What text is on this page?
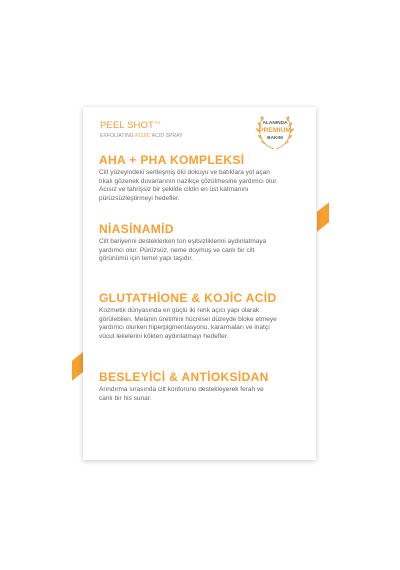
PEEL $SHOT^{PS}$
EXFOLIATING KOJIC ACID SPRAY
ALANINDA
PREMIUM
BAKIM
AHA + PHA KOMPLEKSİ
Cilt yüzeyindeki sertleşmiş ölü dokuyu ve batıklara yol açan tıkalı gözenek duvarlarının nazikçe çözülmesine yardımcı olur. Acısız ve tahrişsiz bir şekilde cildin en üst katmanını pürüzsüzleştirmeyi hedefler.
NİASİNAMİD
Cilt bariyerini desteklerken ton eşitsizliklerini aydınlatmaya yardımcı olur. Pürüzsüz, neme doymuş ve canlı bir cilt görünümü için temel yapı taşıdır.
GLUTATHİONE & KOJİC ACİD
Kozmetik dünyasında en güçlü iki renk açıcı yapı olarak görülebilen. Melanin üretimini hücresel düzeyde bloke etmeye yardımcı olurken hiperpigmentasyonu, kararmaları ve inatçı vücut lekelerini kökten aydınlatmayı hedefler.
BESLEYİCİ & ANTİOKSİDAN
Arındırma sırasında cilt konforunu destekleyerek ferah ve canlı bir his sunar.
